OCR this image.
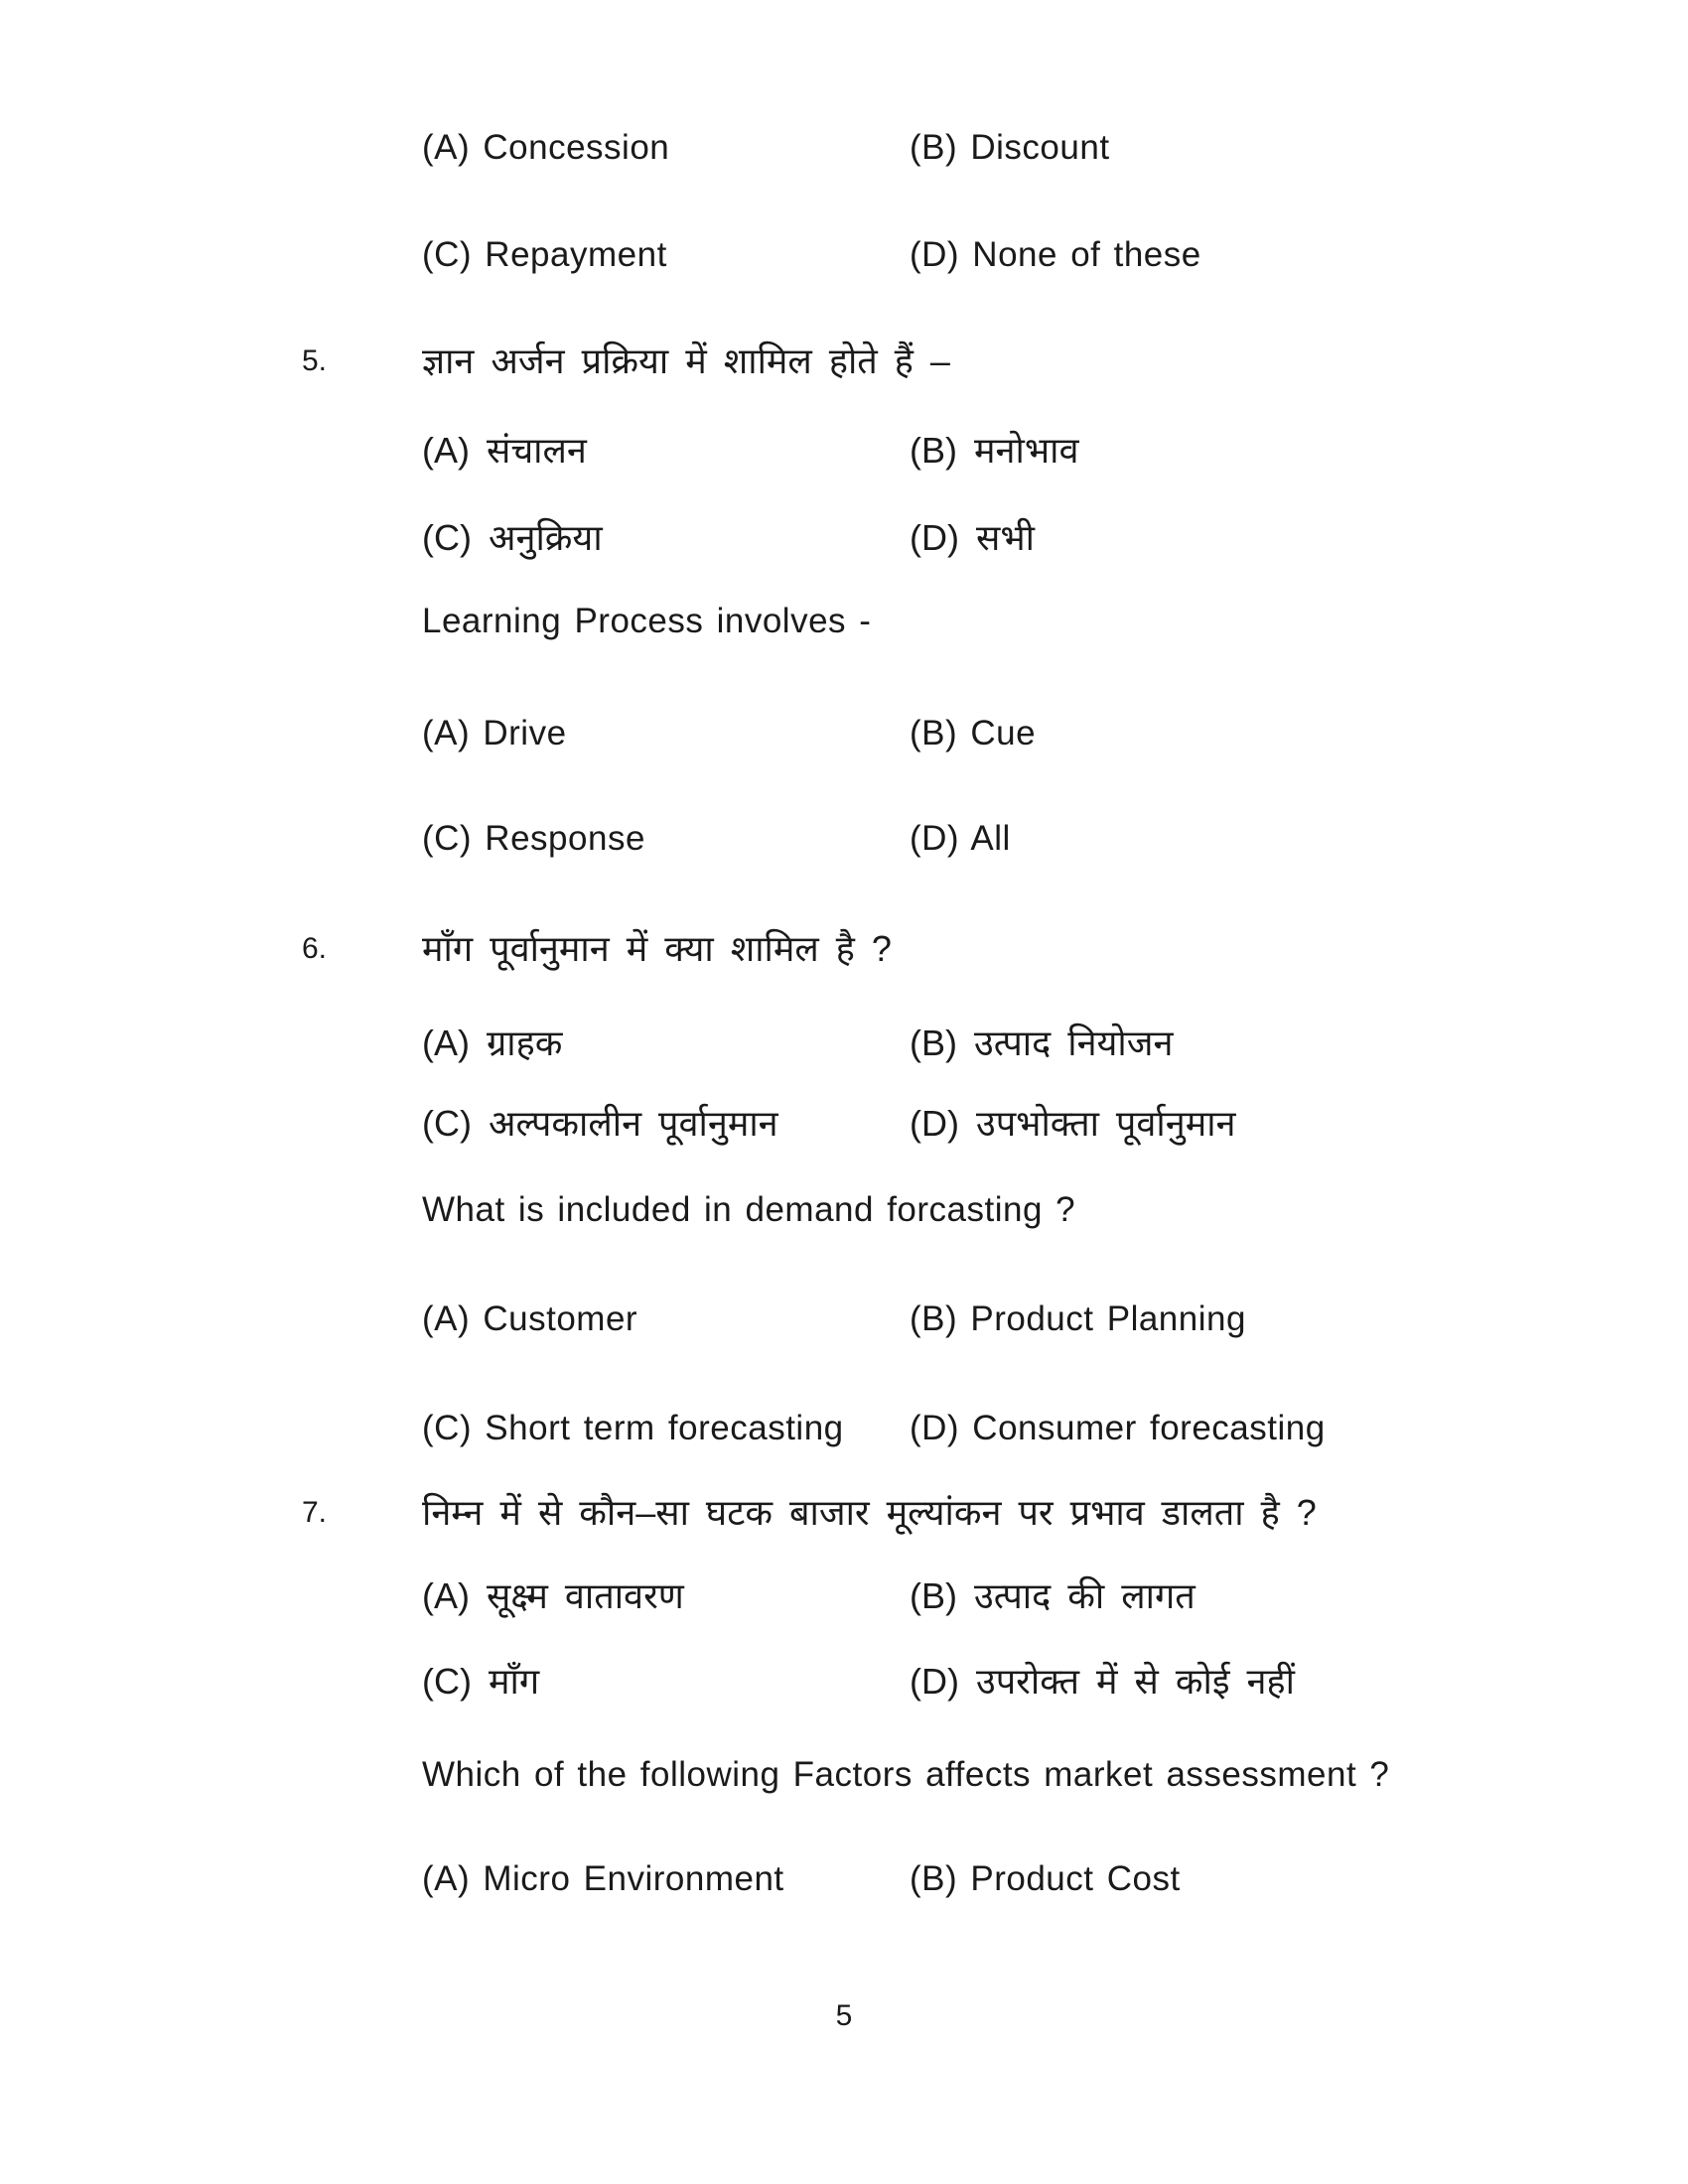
(A) Concession	(B) Discount
(C) Repayment	(D) None of these
5.	ज्ञान अर्जन प्रक्रिया में शामिल होते हैं –
(A) संचालन	(B) मनोभाव
(C) अनुक्रिया	(D) सभी
Learning Process involves -
(A) Drive	(B) Cue
(C) Response	(D) All
6.	माँग पूर्वानुमान में क्या शामिल है ?
(A) ग्राहक	(B) उत्पाद नियोजन
(C) अल्पकालीन पूर्वानुमान	(D) उपभोक्ता पूर्वानुमान
What is included in demand forcasting ?
(A) Customer	(B) Product Planning
(C) Short term forecasting (D) Consumer forecasting
7.	निम्न में से कौन–सा घटक बाजार मूल्यांकन पर प्रभाव डालता है ?
(A) सूक्ष्म वातावरण	(B) उत्पाद की लागत
(C) माँग	(D) उपरोक्त में से कोई नहीं
Which of the following Factors affects market assessment ?
(A) Micro Environment	(B) Product Cost
5
